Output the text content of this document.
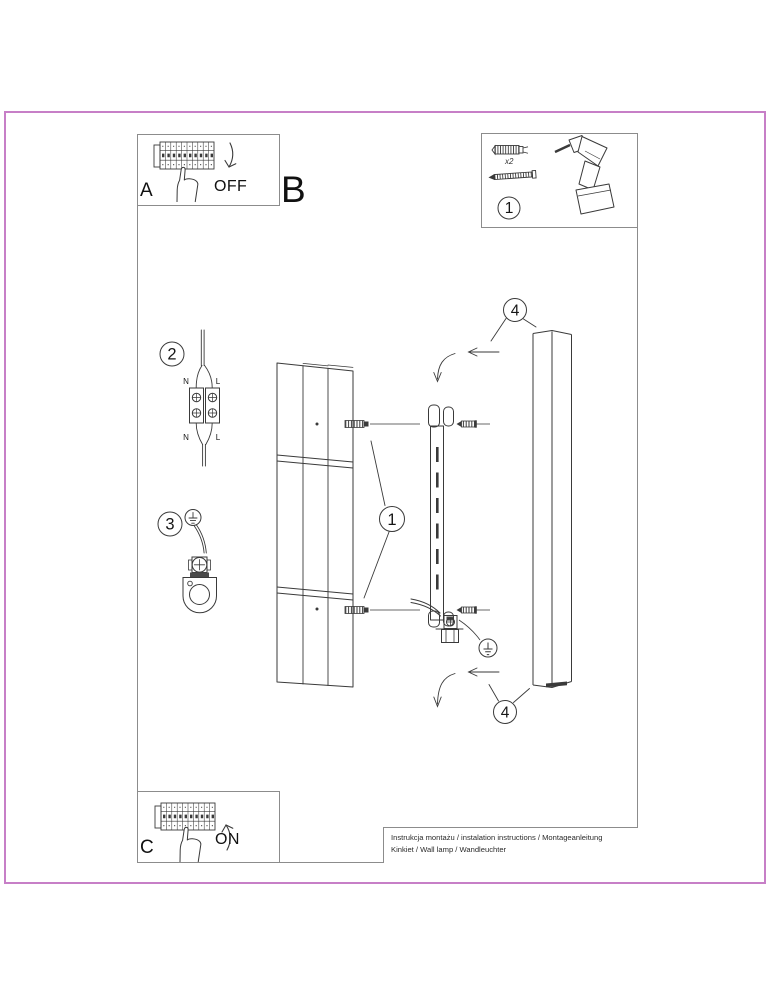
4
4
1
2
N	L
N	L
3
A	OFF B	1
x2
C	ON	Instrukcja montażu / instalation instructions / Montageanleitung
Kinkiet / Wall lamp / Wandleuchter
